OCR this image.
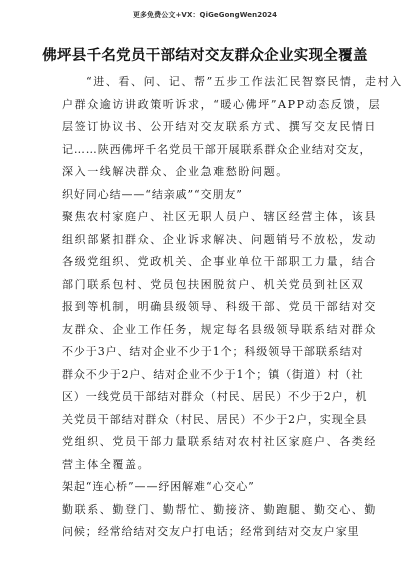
更多免费公文+VX：QiGeGongWen2024
佛坪县千名党员干部结对交友群众企业实现全覆盖
“进、看、问、记、帮”五步工作法汇民智察民情，走村入
户群众逾访讲政策听诉求，“暖心佛坪”APP动态反馈，层
层签订协议书、公开结对交友联系方式、撰写交友民情日
记……陕西佛坪千名党员干部开展联系群众企业结对交友，
深入一线解决群众、企业急难愁盼问题。
织好同心结——“结亲戚”“交朋友”
聚焦农村家庭户、社区无职人员户、辖区经营主体，该县
组织部紧扣群众、企业诉求解决、问题销号不放松，发动
各级党组织、党政机关、企事业单位干部职工力量，结合
部门联系包村、党员包扶困脱贫户、机关党员到社区双
报到等机制，明确县级领导、科级干部、党员干部结对交
友群众、企业工作任务，规定每名县级领导联系结对群众
不少于3户、结对企业不少于1个；科级领导干部联系结对
群众不少于2户、结对企业不少于1个；镇（街道）村（社
区）一线党员干部结对群众（村民、居民）不少于2户，机
关党员干部结对群众（村民、居民）不少于2户，实现全县
党组织、党员干部力量联系结对农村社区家庭户、各类经
营主体全覆盖。
架起“连心桥”——纾困解难“心交心”
勤联系、勤登门、勤帮忙、勤接济、勤跑腿、勤交心、勤
问候；经常给结对交友户打电话；经常到结对交友户家里
